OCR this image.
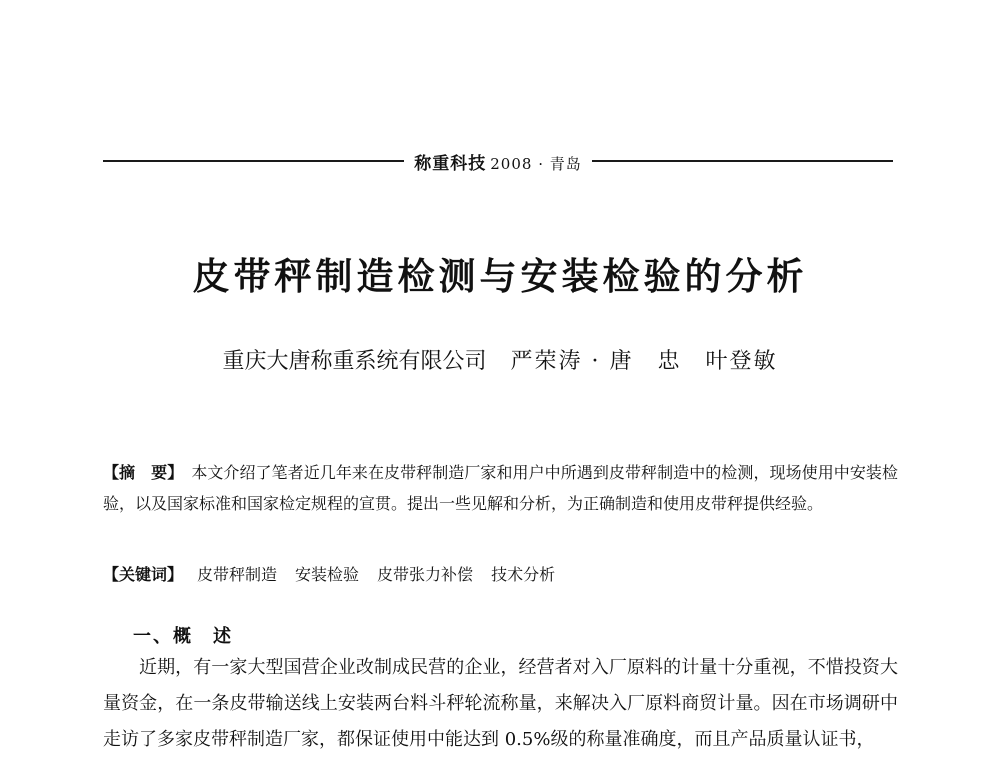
称重科技 2008 · 青岛
皮带秤制造检测与安装检验的分析
重庆大唐称重系统有限公司 严荣涛 · 唐　忠　叶登敏
【摘　要】 本文介绍了笔者近几年来在皮带秤制造厂家和用户中所遇到皮带秤制造中的检测，现场使用中安装检验，以及国家标准和国家检定规程的宣贯。提出一些见解和分析，为正确制造和使用皮带秤提供经验。
【关键词】 皮带秤制造 安装检验 皮带张力补偿 技术分析
一、概　述
近期，有一家大型国营企业改制成民营的企业，经营者对入厂原料的计量十分重视，不惜投资大量资金，在一条皮带输送线上安装两台料斗秤轮流称量，来解决入厂原料商贸计量。因在市场调研中走访了多家皮带秤制造厂家，都保证使用中能达到 0.5%级的称量准确度，而且产品质量认证书，
